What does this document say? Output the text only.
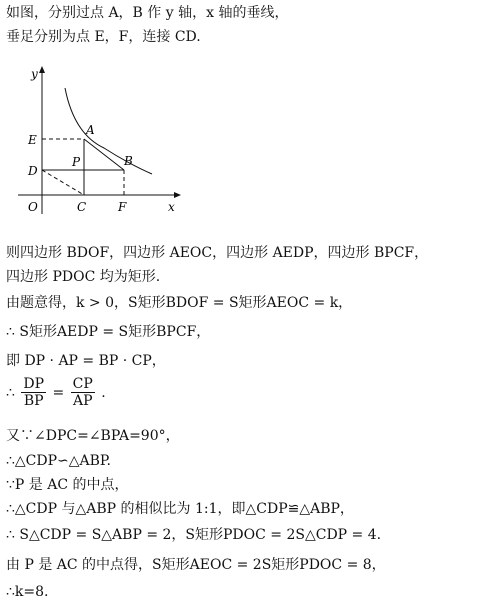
如图，分别过点 A，B 作 y 轴，x 轴的垂线，
垂足分别为点 E，F，连接 CD.
y
x
O
E
A
D
P	B
C	F
则四边形 BDOF，四边形 AEOC，四边形 AEDP，四边形 BPCF，
四边形 PDOC 均为矩形.
由题意得，k > 0，S矩形BDOF = S矩形AEOC = k，
∴ S矩形AEDP = S矩形BPCF，
即 DP · AP = BP · CP，
∴ $\frac{DP}{BP} = \frac{CP}{AP}$ .
又∵∠DPC=∠BPA=90°，
∴△CDP∽△ABP.
∵P 是 AC 的中点，
∴△CDP 与△ABP 的相似比为 1:1，即△CDP≌△ABP，
∴ S△CDP = S△ABP = 2，S矩形PDOC = 2S△CDP = 4.
由 P 是 AC 的中点得，S矩形AEOC = 2S矩形PDOC = 8，
∴k=8.
